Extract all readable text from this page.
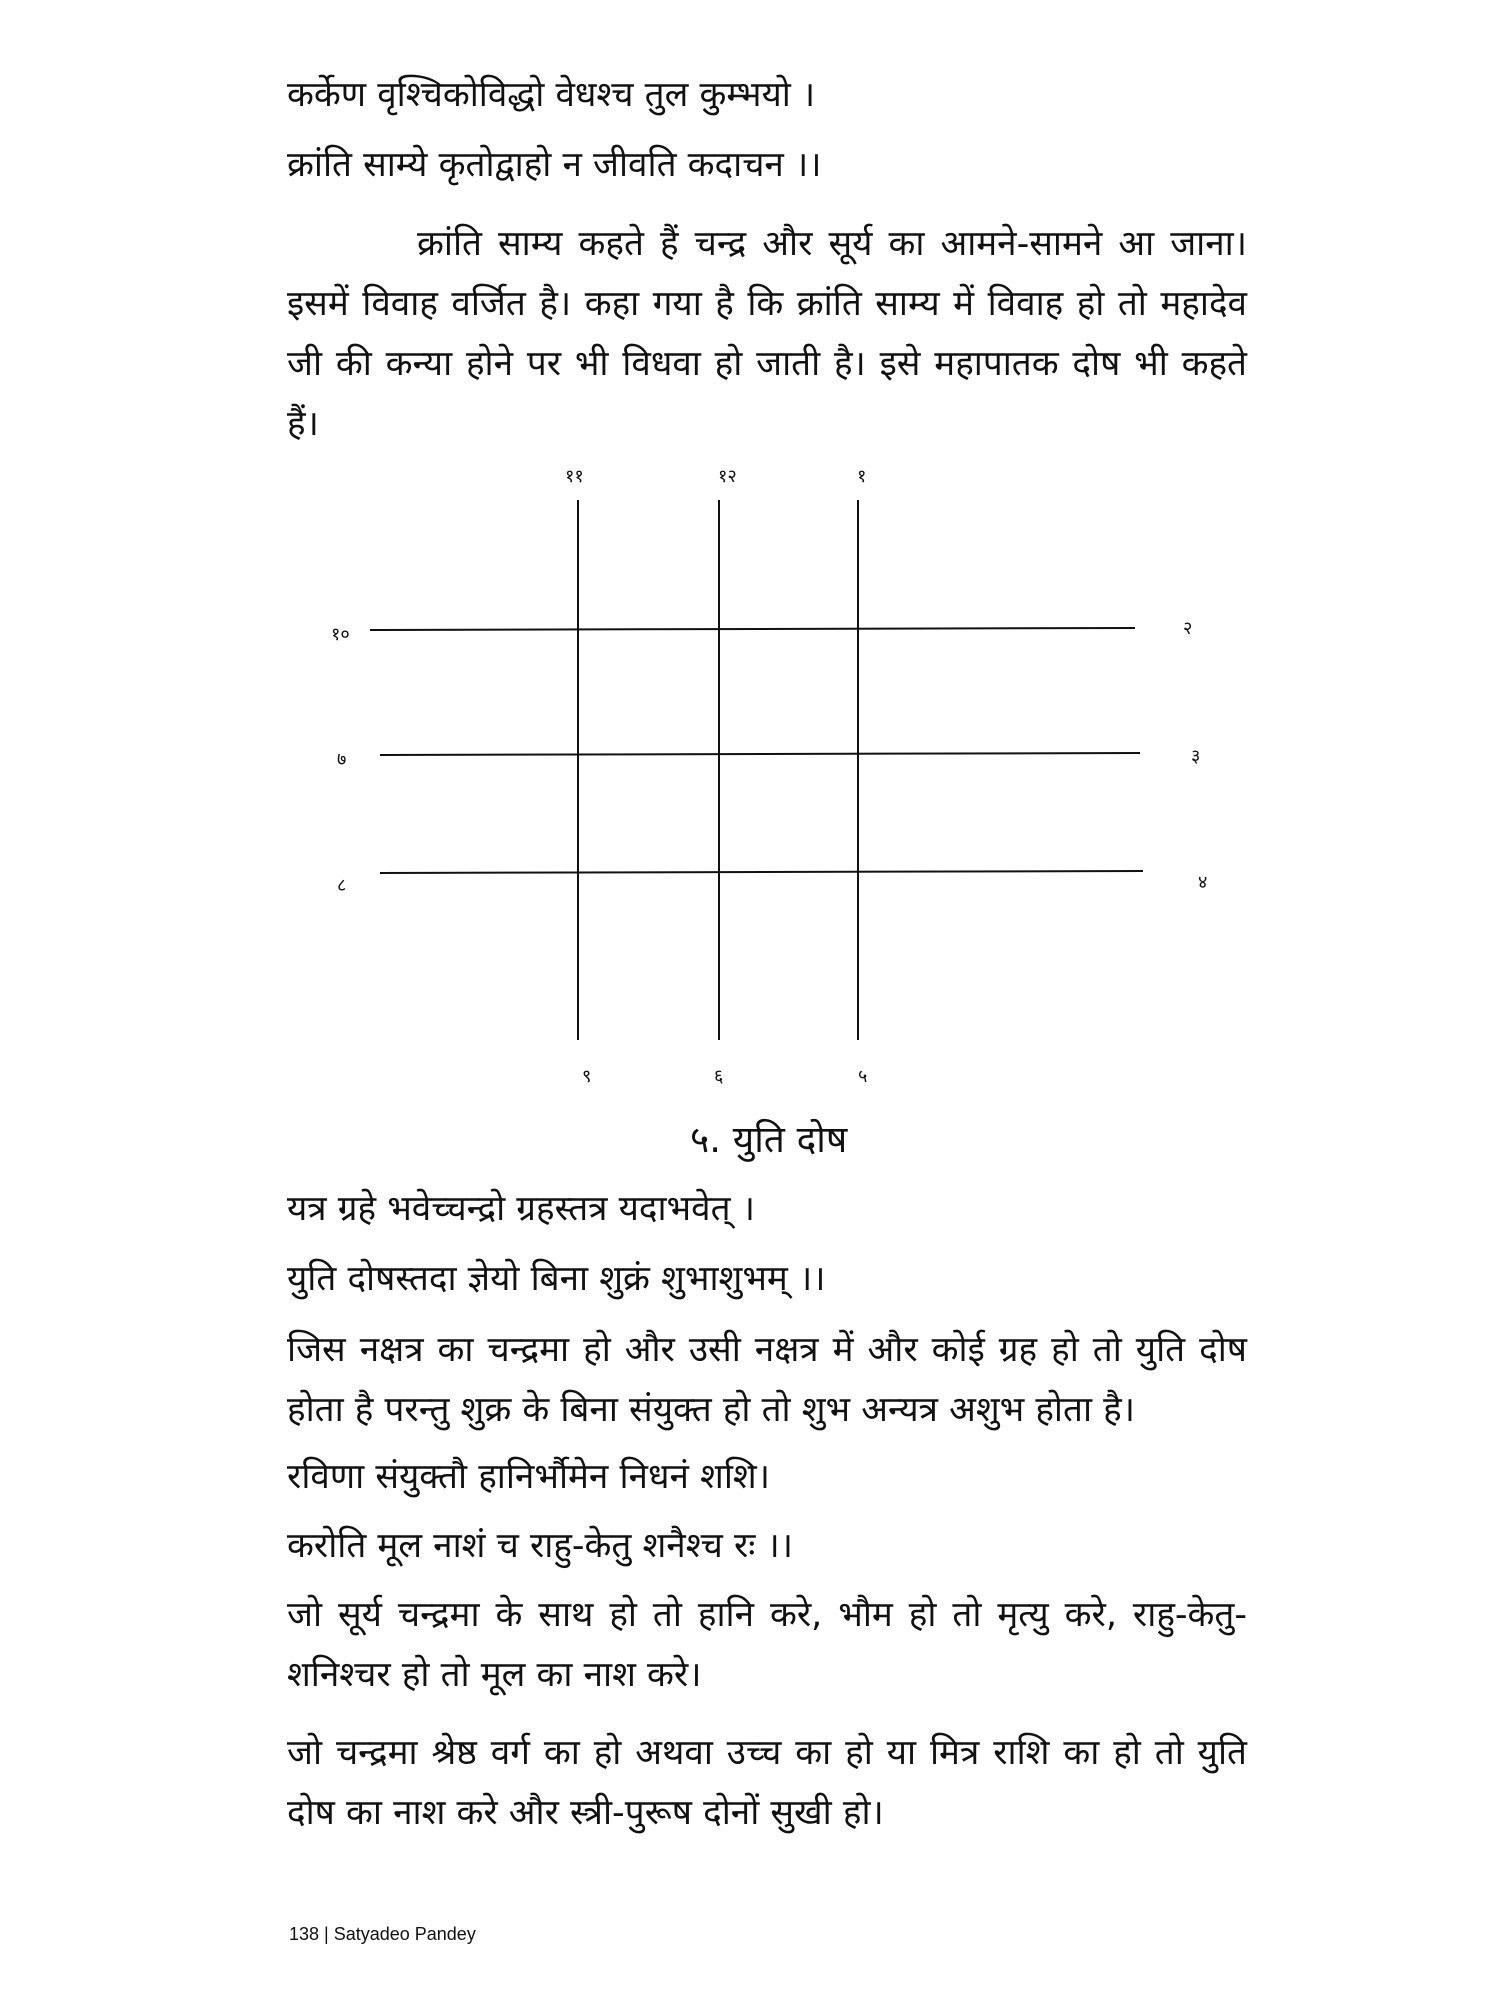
कर्केण वृश्चिकोविद्धो वेधश्च तुल कुम्भयो ।
क्रांति साम्ये कृतोद्वाहो न जीवति कदाचन ।।
क्रांति साम्य कहते हैं चन्द्र और सूर्य का आमने-सामने आ जाना। इसमें विवाह वर्जित है। कहा गया है कि क्रांति साम्य में विवाह हो तो महादेव जी की कन्या होने पर भी विधवा हो जाती है। इसे महापातक दोष भी कहते हैं।
११	१२	१
९	६	५
१०
७
८
२
३
४
५. युति दोष
यत्र ग्रहे भवेच्चन्द्रो ग्रहस्तत्र यदाभवेत् ।
युति दोषस्तदा ज्ञेयो बिना शुक्रं शुभाशुभम् ।।
जिस नक्षत्र का चन्द्रमा हो और उसी नक्षत्र में और कोई ग्रह हो तो युति दोष होता है परन्तु शुक्र के बिना संयुक्त हो तो शुभ अन्यत्र अशुभ होता है।
रविणा संयुक्तौ हानिर्भौमेन निधनं शशि।
करोति मूल नाशं च राहु-केतु शनैश्च रः ।।
जो सूर्य चन्द्रमा के साथ हो तो हानि करे, भौम हो तो मृत्यु करे, राहु-केतु-शनिश्चर हो तो मूल का नाश करे।
जो चन्द्रमा श्रेष्ठ वर्ग का हो अथवा उच्च का हो या मित्र राशि का हो तो युति दोष का नाश करे और स्त्री-पुरूष दोनों सुखी हो।
138 | Satyadeo Pandey
